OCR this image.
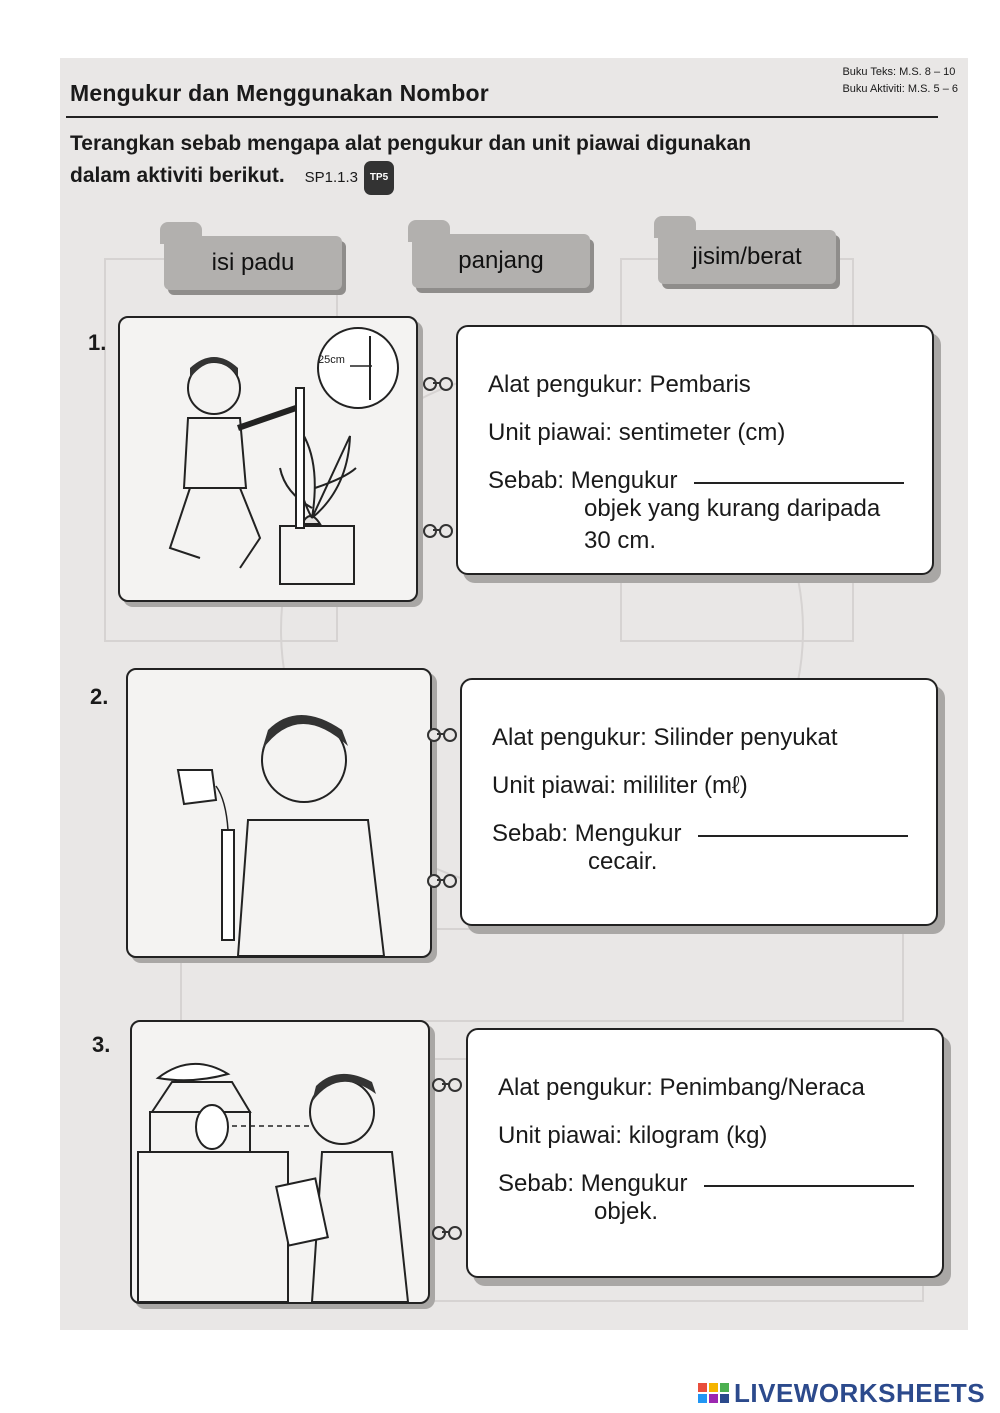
Buku Teks: M.S. 8 – 10
Buku Aktiviti: M.S. 5 – 6
Mengukur dan Menggunakan Nombor
Terangkan sebab mengapa alat pengukur dan unit piawai digunakan
dalam aktiviti berikut. SP1.1.3 TP5
isi padu	panjang	jisim/berat
1.
25cm
Alat pengukur: Pembaris
Unit piawai: sentimeter (cm)
Sebab: Mengukur
objek yang kurang daripada
30 cm.
2.
Alat pengukur: Silinder penyukat
Unit piawai: mililiter (mℓ)
Sebab: Mengukur
cecair.
3.
Alat pengukur: Penimbang/Neraca
Unit piawai: kilogram (kg)
Sebab: Mengukur
objek.
LIVEWORKSHEETS
